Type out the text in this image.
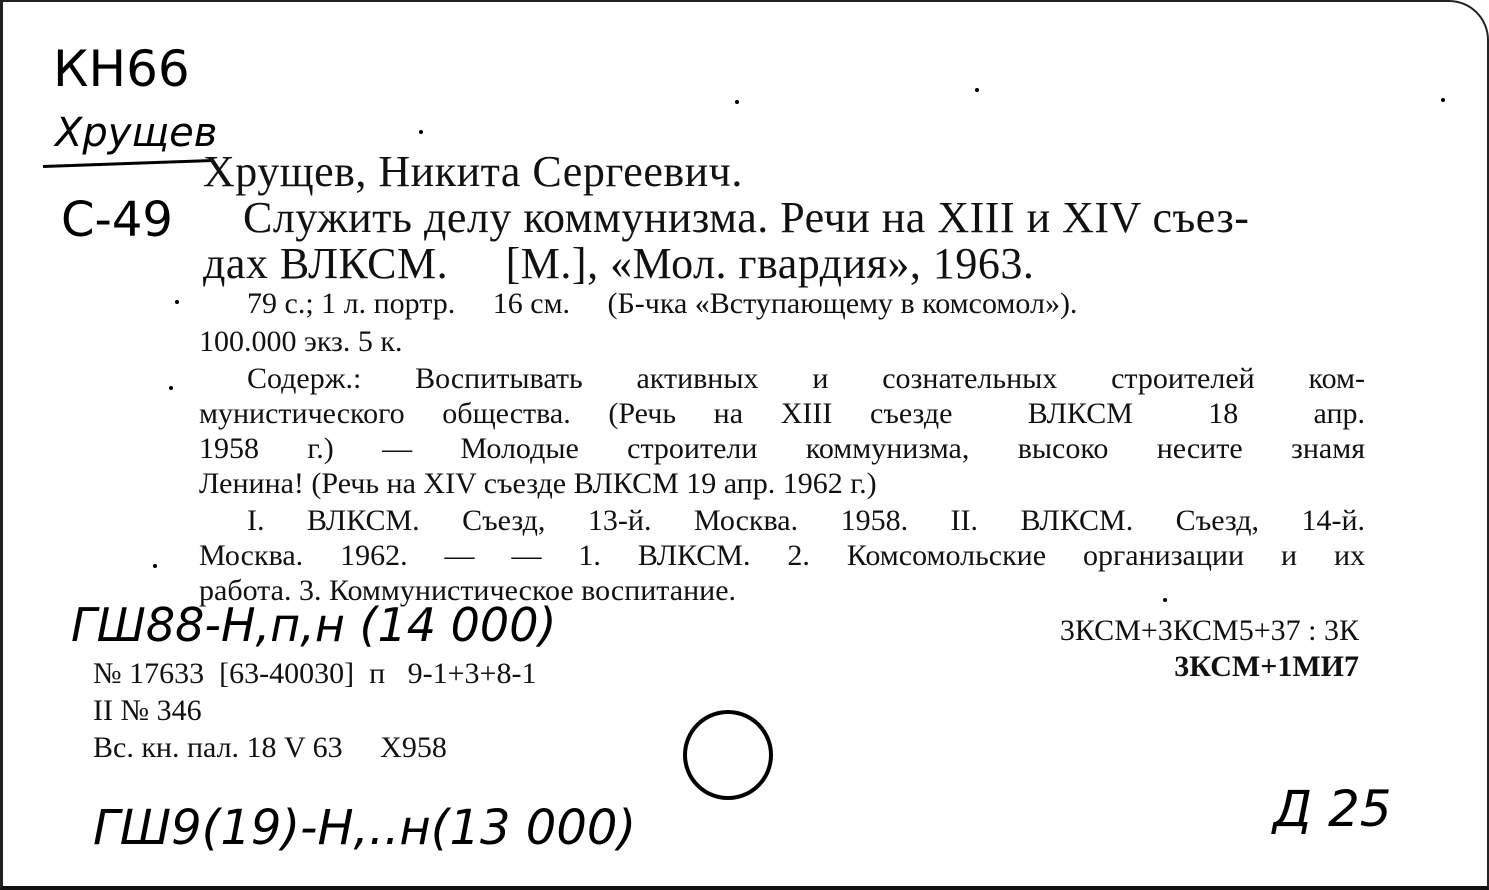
КН66
Хрущев
С-49
Хрущев, Никита Сергеевич.
Служить делу коммунизма. Речи на XIII и XIV съез-
дах ВЛКСМ.     [М.], «Мол. гвардия», 1963.
79 с.; 1 л. портр.     16 см.     (Б-чка «Вступающему в комсомол»).
100.000 экз. 5 к.
Содерж.: Воспитывать активных и сознательных строителей ком-
мунистического общества. (Речь на XIII съезде  ВЛКСМ  18  апр.
1958 г.) — Молодые строители коммунизма, высоко несите знамя
Ленина! (Речь на XIV съезде ВЛКСМ 19 апр. 1962 г.)
I. ВЛКСМ. Съезд, 13-й. Москва. 1958. II. ВЛКСМ. Съезд, 14-й.
Москва. 1962. — — 1. ВЛКСМ. 2. Комсомольские организации и их
работа. 3. Коммунистическое воспитание.
ГШ88-Н,п,н (14 000)	3КСМ+3КСМ5+37 : 3К
3КСМ+1МИ7
№ 17633  [63-40030]  п   9-1+3+8-1
II № 346
Вс. кн. пал. 18 V 63     Х958
ГШ9(19)-Н,..н(13 000)	Д 25
